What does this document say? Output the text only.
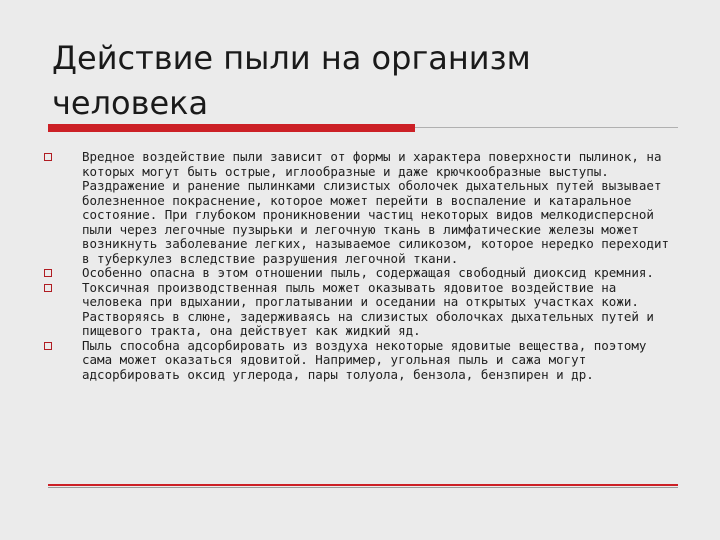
Действие пыли на организм человека
Вредное воздействие пыли зависит от формы и характера поверхности пылинок, на которых могут быть острые, иглообразные и даже крючкообразные выступы. Раздражение и ранение пылинками слизистых оболочек дыхательных путей вызывает болезненное покраснение, которое может перейти в воспаление и катаральное состояние. При глубоком проникновении частиц некоторых видов мелкодисперсной пыли через легочные пузырьки и легочную ткань в лимфатические железы может возникнуть заболевание легких, называемое силикозом, которое нередко переходит в туберкулез вследствие разрушения легочной ткани.
Особенно опасна в этом отношении пыль, содержащая свободный диоксид кремния.
Токсичная производственная пыль может оказывать ядовитое воздействие на человека при вдыхании, проглатывании и оседании на открытых участках кожи. Растворяясь в слюне, задерживаясь на слизистых оболочках дыхательных путей и пищевого тракта, она действует как жидкий яд.
Пыль способна адсорбировать из воздуха некоторые ядовитые вещества, поэтому сама может оказаться ядовитой. Например, угольная пыль и сажа могут адсорбировать оксид углерода, пары толуола, бензола, бензпирен и др.
